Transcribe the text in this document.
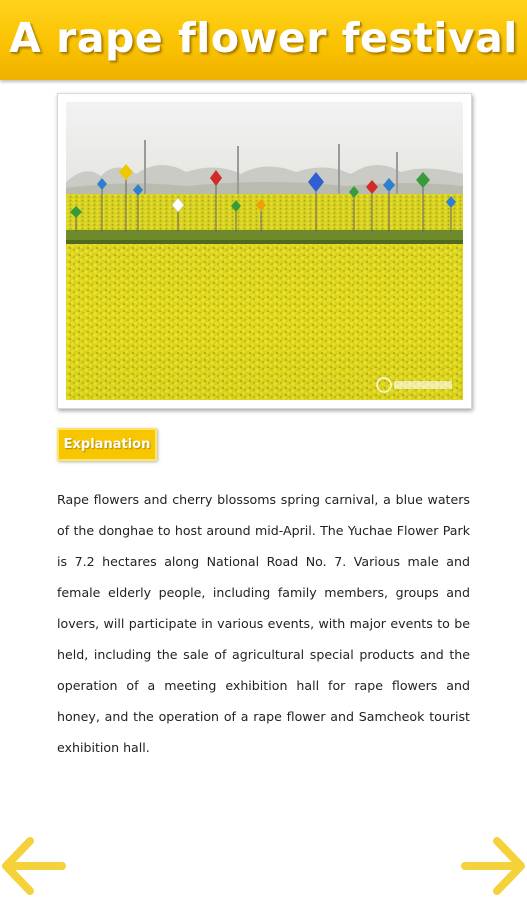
A rape flower festival
Explanation
Rape flowers and cherry blossoms spring carnival, a blue waters of the donghae to host around mid-April. The Yuchae Flower Park is 7.2 hectares along National Road No. 7. Various male and female elderly people, including family members, groups and lovers, will participate in various events, with major events to be held, including the sale of agricultural special products and the operation of a meeting exhibition hall for rape flowers and honey, and the operation of a rape flower and Samcheok tourist exhibition hall.
